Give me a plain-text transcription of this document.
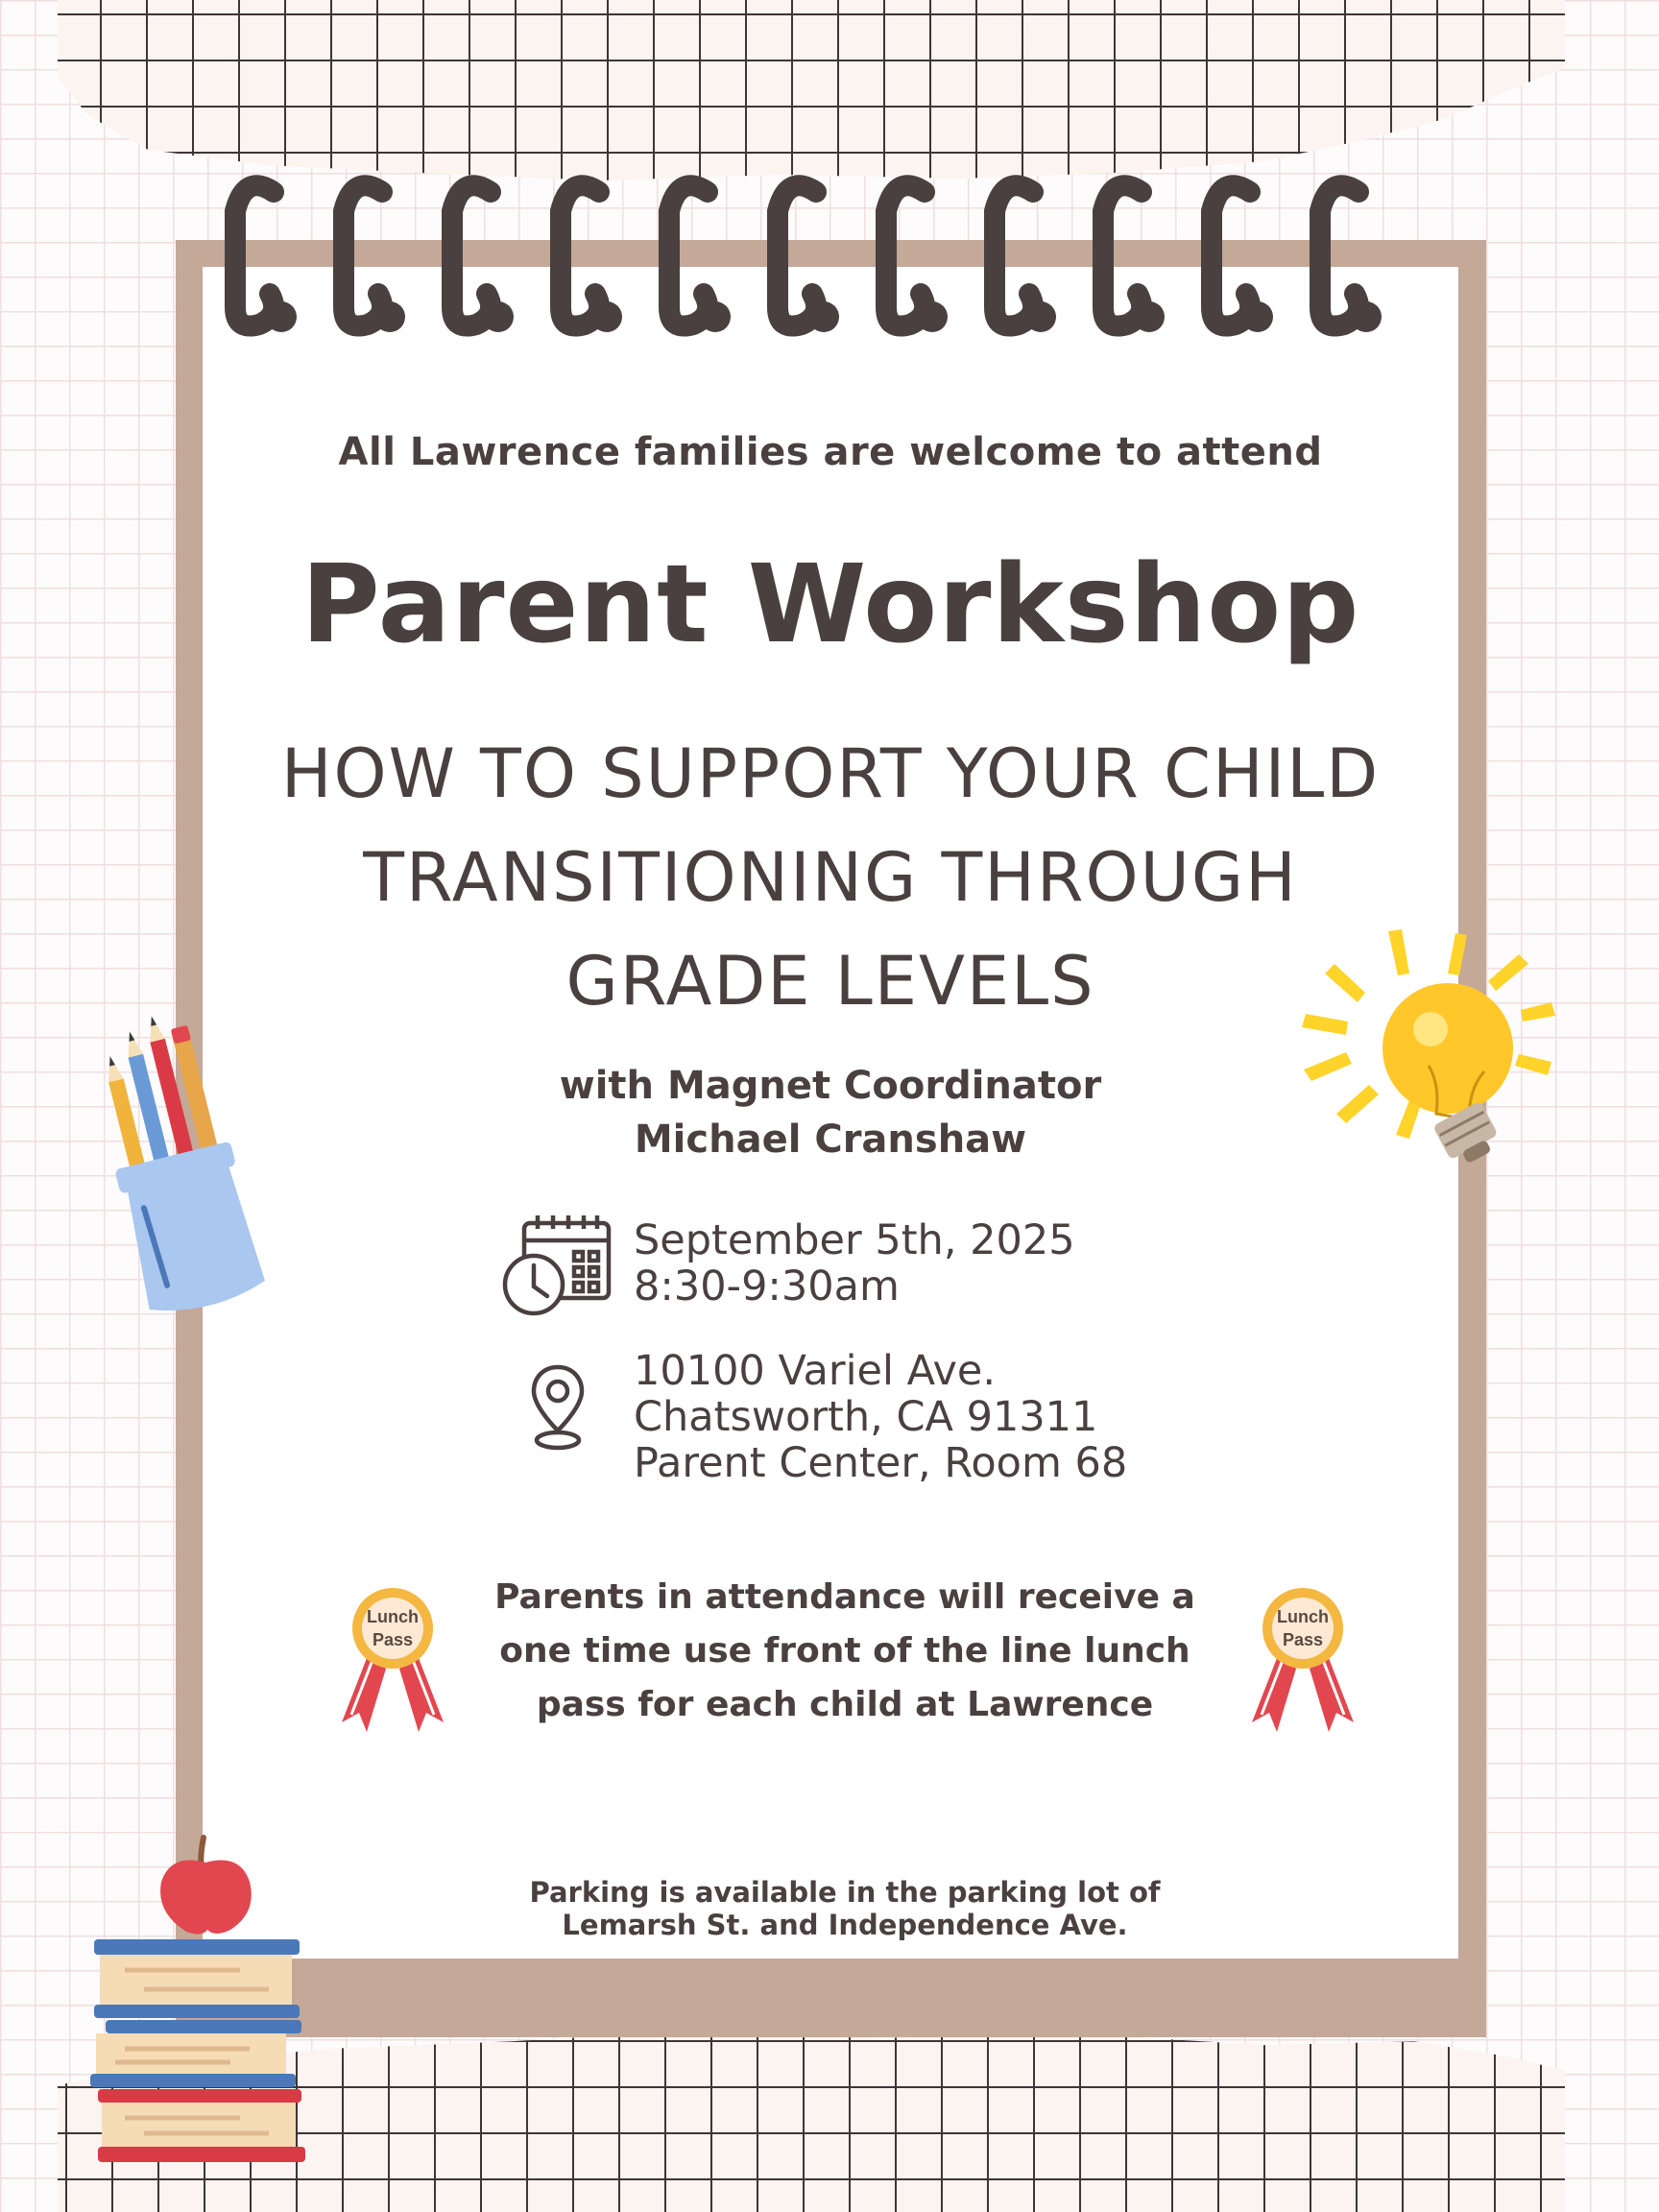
All Lawrence families are welcome to attend
Parent Workshop
HOW TO SUPPORT YOUR CHILD
TRANSITIONING THROUGH
GRADE LEVELS
with Magnet Coordinator
Michael Cranshaw
September 5th, 2025
8:30-9:30am
10100 Variel Ave.
Chatsworth, CA 91311
Parent Center, Room 68
Lunch
Pass
Lunch
Pass
Parents in attendance will receive a one time use front of the line lunch pass for each child at Lawrence
Parking is available in the parking lot of
Lemarsh St. and Independence Ave.
